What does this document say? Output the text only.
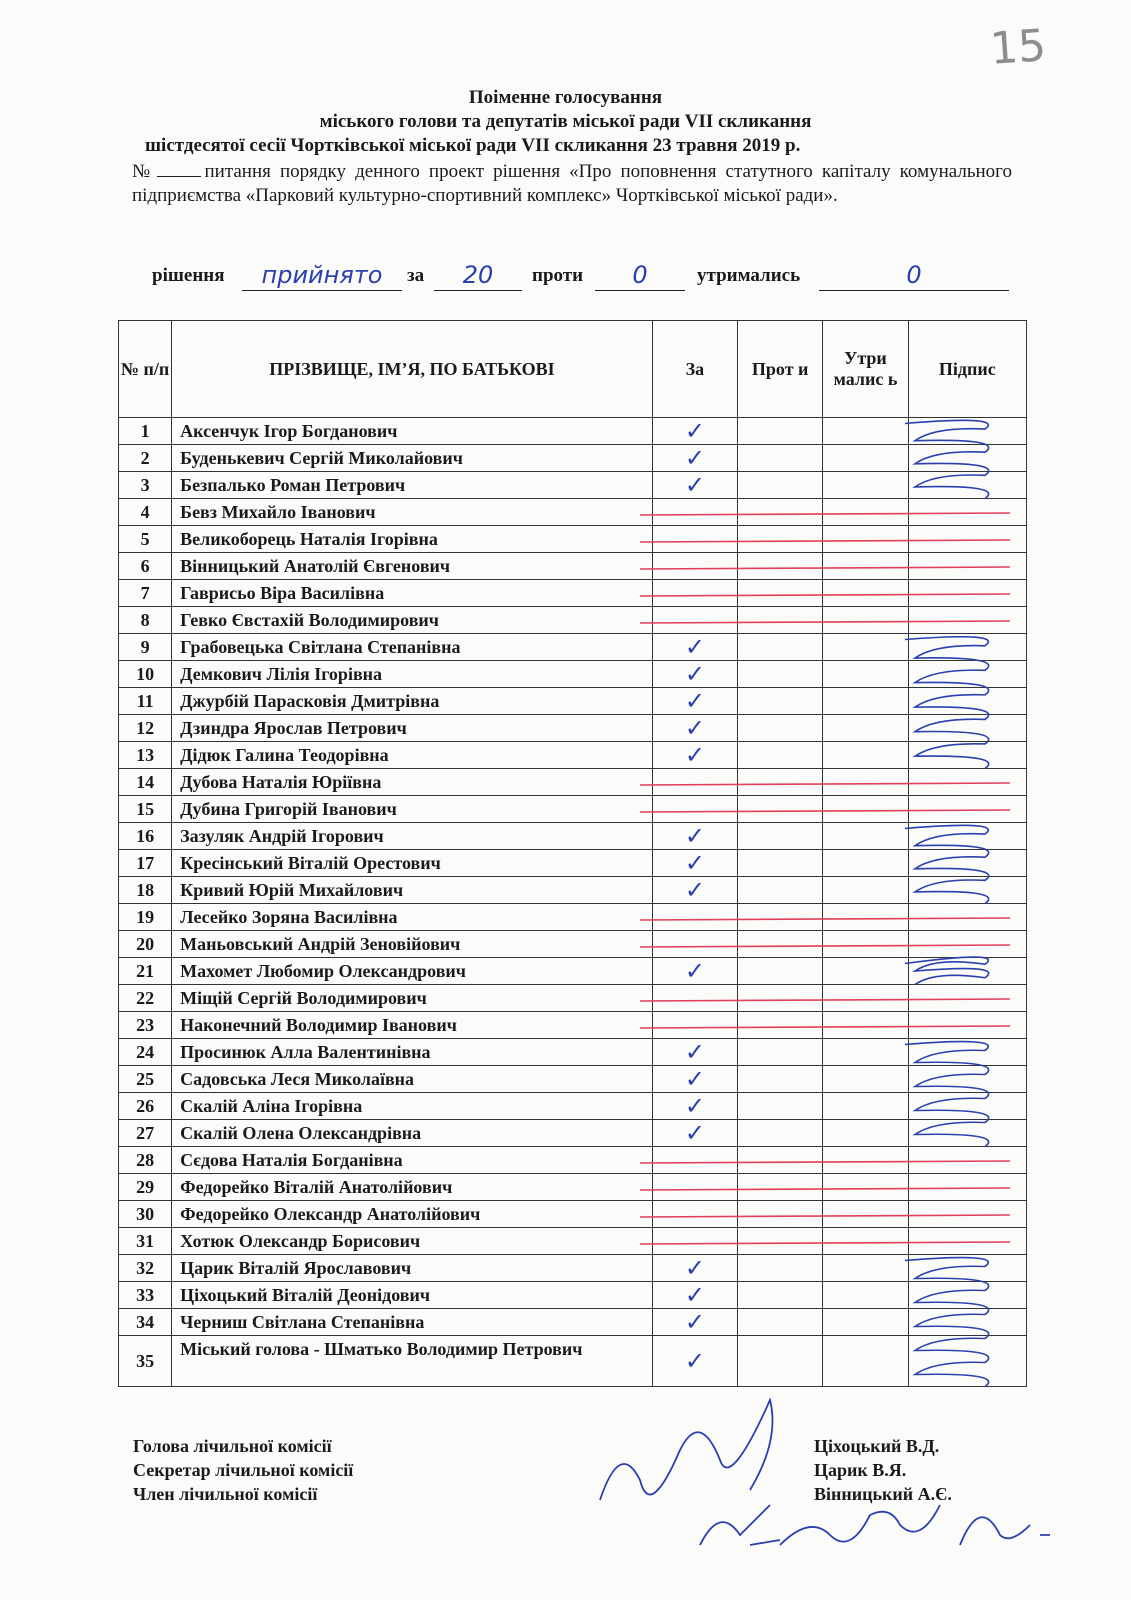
15
Поіменне голосування
міського голови та депутатів міської ради VII скликання
шістдесятої сесії Чортківської міської ради VII скликання 23 травня 2019 р.
№	питання порядку денного проект рішення «Про поповнення статутного капіталу комунального підприємства «Парковий культурно-спортивний комплекс» Чортківської міської ради».
рішення	прийнято	за	20	проти	0	утримались	0
№ п/п	ПРІЗВИЩЕ, ІМ’Я, ПО БАТЬКОВІ	За	Прот и	Утри малис ь	Підпис
1	Аксенчук Ігор Богданович	✓			

2	Буденькевич Сергій Миколайович	✓			

3	Безпалько Роман Петрович	✓			

4	Бевз Михайло Іванович				
5	Великоборець Наталія Ігорівна				
6	Вінницький Анатолій Євгенович				
7	Гаврисьо Віра Василівна				
8	Гевко Євстахій Володимирович				
9	Грабовецька Світлана Степанівна	✓			

10	Демкович Лілія Ігорівна	✓			

11	Джурбій Парасковія Дмитрівна	✓			

12	Дзиндра Ярослав Петрович	✓			

13	Дідюк Галина Теодорівна	✓			

14	Дубова Наталія Юріївна				
15	Дубина Григорій Іванович				
16	Зазуляк Андрій Ігорович	✓			

17	Кресінський Віталій Орестович	✓			

18	Кривий Юрій Михайлович	✓			

19	Лесейко Зоряна Василівна				
20	Маньовський Андрій Зеновійович				
21	Махомет Любомир Олександрович	✓			

22	Міщій Сергій Володимирович				
23	Наконечний Володимир Іванович				
24	Просинюк Алла Валентинівна	✓			

25	Садовська Леся Миколаївна	✓			

26	Скалій Аліна Ігорівна	✓			

27	Скалій Олена Олександрівна	✓			

28	Сєдова Наталія Богданівна				
29	Федорейко Віталій Анатолійович				
30	Федорейко Олександр Анатолійович				
31	Хотюк Олександр Борисович				
32	Царик Віталій Ярославович	✓			

33	Ціхоцький Віталій Деонідович	✓			

34	Черниш Світлана Степанівна	✓			

35	Міський голова - Шматько Володимир Петрович	✓			

Голова лічильної комісії
Секретар лічильної комісії
Член лічильної комісії
Ціхоцький В.Д.
Царик В.Я.
Вінницький А.Є.
